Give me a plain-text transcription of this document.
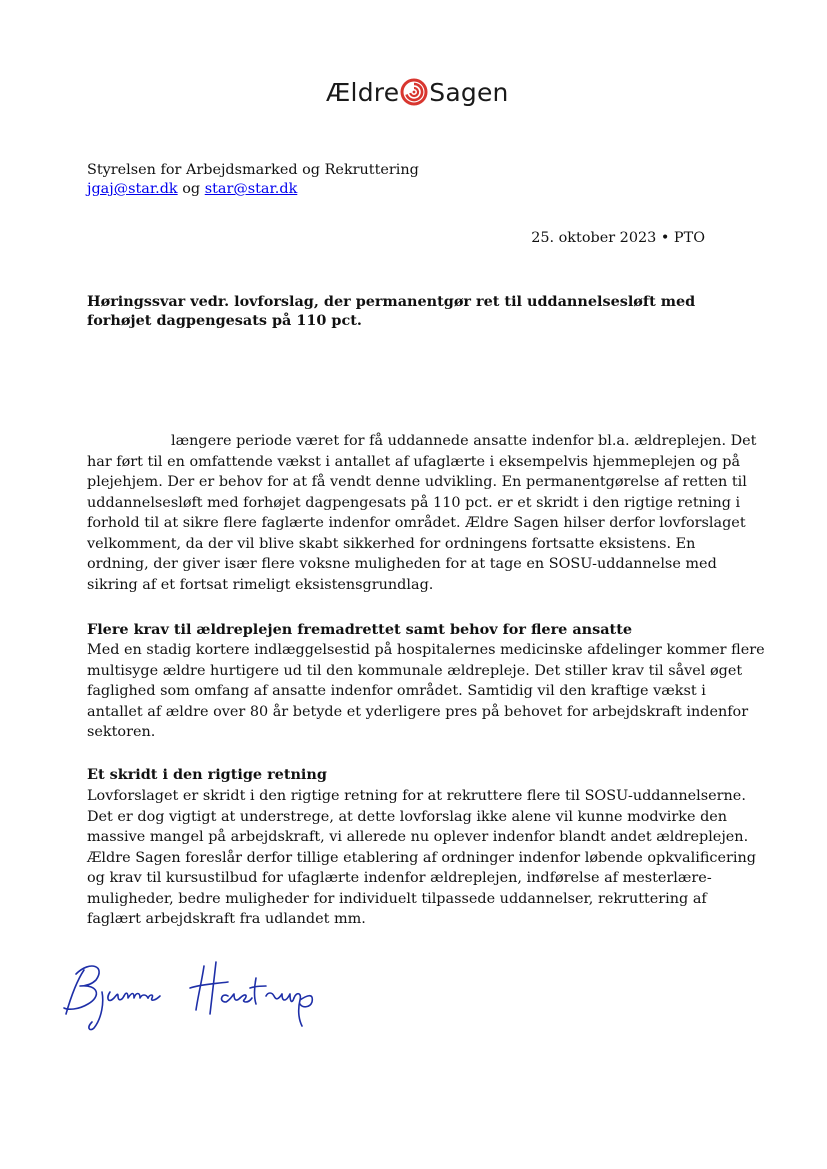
Ældre Sagen
Styrelsen for Arbejdsmarked og Rekruttering
jgaj@star.dk og star@star.dk
25. oktober 2023 • PTO
Høringssvar vedr. lovforslag, der permanentgør ret til uddannelsesløft med
forhøjet dagpengesats på 110 pct.
længere periode været for få uddannede ansatte indenfor bl.a. ældreplejen. Det
har ført til en omfattende vækst i antallet af ufaglærte i eksempelvis hjemmeplejen og på
plejehjem. Der er behov for at få vendt denne udvikling. En permanentgørelse af retten til
uddannelsesløft med forhøjet dagpengesats på 110 pct. er et skridt i den rigtige retning i
forhold til at sikre flere faglærte indenfor området. Ældre Sagen hilser derfor lovforslaget
velkomment, da der vil blive skabt sikkerhed for ordningens fortsatte eksistens. En
ordning, der giver især flere voksne muligheden for at tage en SOSU-uddannelse med
sikring af et fortsat rimeligt eksistensgrundlag.
Flere krav til ældreplejen fremadrettet samt behov for flere ansatte
Med en stadig kortere indlæggelsestid på hospitalernes medicinske afdelinger kommer flere
multisyge ældre hurtigere ud til den kommunale ældrepleje. Det stiller krav til såvel øget
faglighed som omfang af ansatte indenfor området. Samtidig vil den kraftige vækst i
antallet af ældre over 80 år betyde et yderligere pres på behovet for arbejdskraft indenfor
sektoren.
Et skridt i den rigtige retning
Lovforslaget er skridt i den rigtige retning for at rekruttere flere til SOSU-uddannelserne.
Det er dog vigtigt at understrege, at dette lovforslag ikke alene vil kunne modvirke den
massive mangel på arbejdskraft, vi allerede nu oplever indenfor blandt andet ældreplejen.
Ældre Sagen foreslår derfor tillige etablering af ordninger indenfor løbende opkvalificering
og krav til kursustilbud for ufaglærte indenfor ældreplejen, indførelse af mesterlære-
muligheder, bedre muligheder for individuelt tilpassede uddannelser, rekruttering af
faglært arbejdskraft fra udlandet mm.
